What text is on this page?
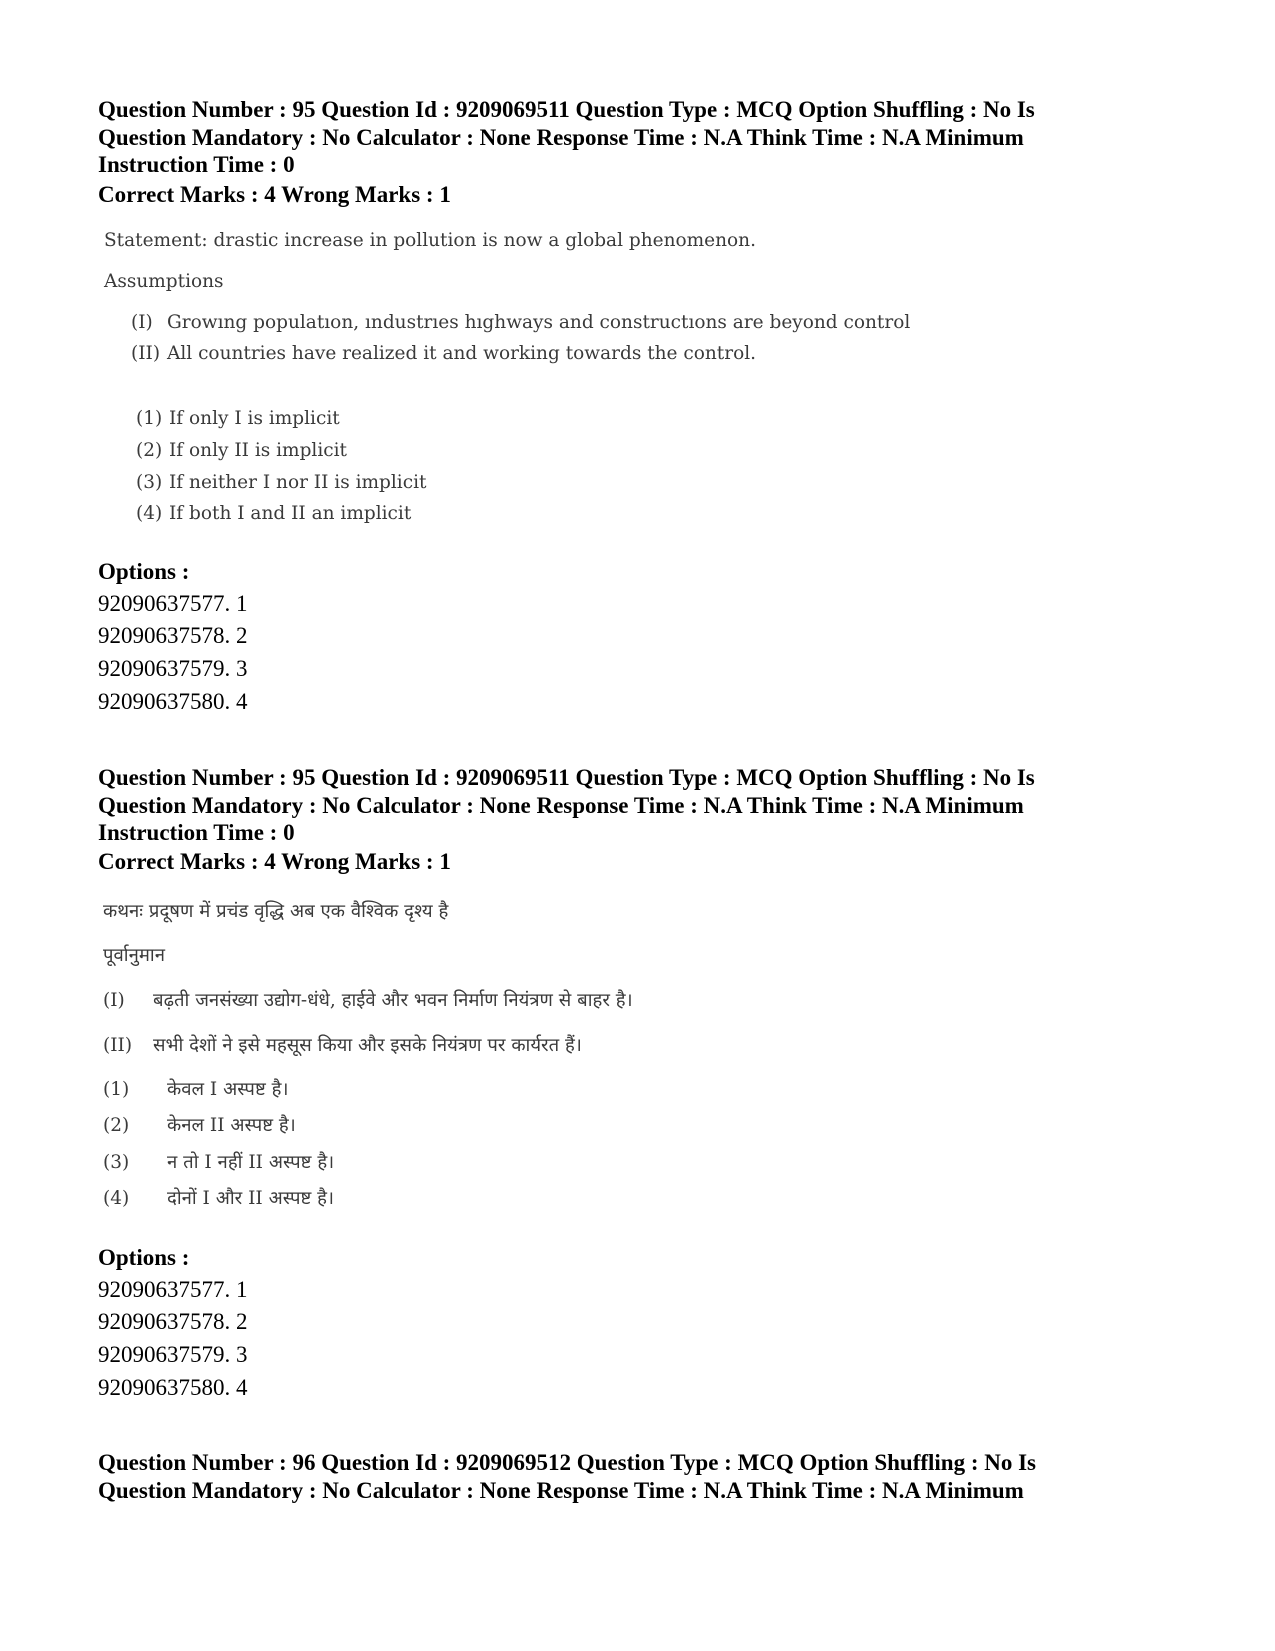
Question Number : 95 Question Id : 9209069511 Question Type : MCQ Option Shuffling : No Is
Question Mandatory : No Calculator : None Response Time : N.A Think Time : N.A Minimum
Instruction Time : 0
Correct Marks : 4 Wrong Marks : 1
Statement: drastic increase in pollution is now a global phenomenon.
Assumptions
(I) Growıng populatıon, ındustrıes hıghways and constructıons are beyond control
(II) All countries have realized it and working towards the control.
(1) If only I is implicit
(2) If only II is implicit
(3) If neither I nor II is implicit
(4) If both I and II an implicit
Options :
92090637577. 1
92090637578. 2
92090637579. 3
92090637580. 4
Question Number : 95 Question Id : 9209069511 Question Type : MCQ Option Shuffling : No Is
Question Mandatory : No Calculator : None Response Time : N.A Think Time : N.A Minimum
Instruction Time : 0
Correct Marks : 4 Wrong Marks : 1
कथनः प्रदूषण में प्रचंड वृद्धि अब एक वैश्विक दृश्य है
पूर्वानुमान
(I) बढ़ती जनसंख्या उद्योग-धंधे, हाईवे और भवन निर्माण नियंत्रण से बाहर है।
(II) सभी देशों ने इसे महसूस किया और इसके नियंत्रण पर कार्यरत हैं।
(1) केवल I अस्पष्ट है।
(2) केनल II अस्पष्ट है।
(3) न तो I नहीं II अस्पष्ट है।
(4) दोनों I और II अस्पष्ट है।
Options :
92090637577. 1
92090637578. 2
92090637579. 3
92090637580. 4
Question Number : 96 Question Id : 9209069512 Question Type : MCQ Option Shuffling : No Is
Question Mandatory : No Calculator : None Response Time : N.A Think Time : N.A Minimum
